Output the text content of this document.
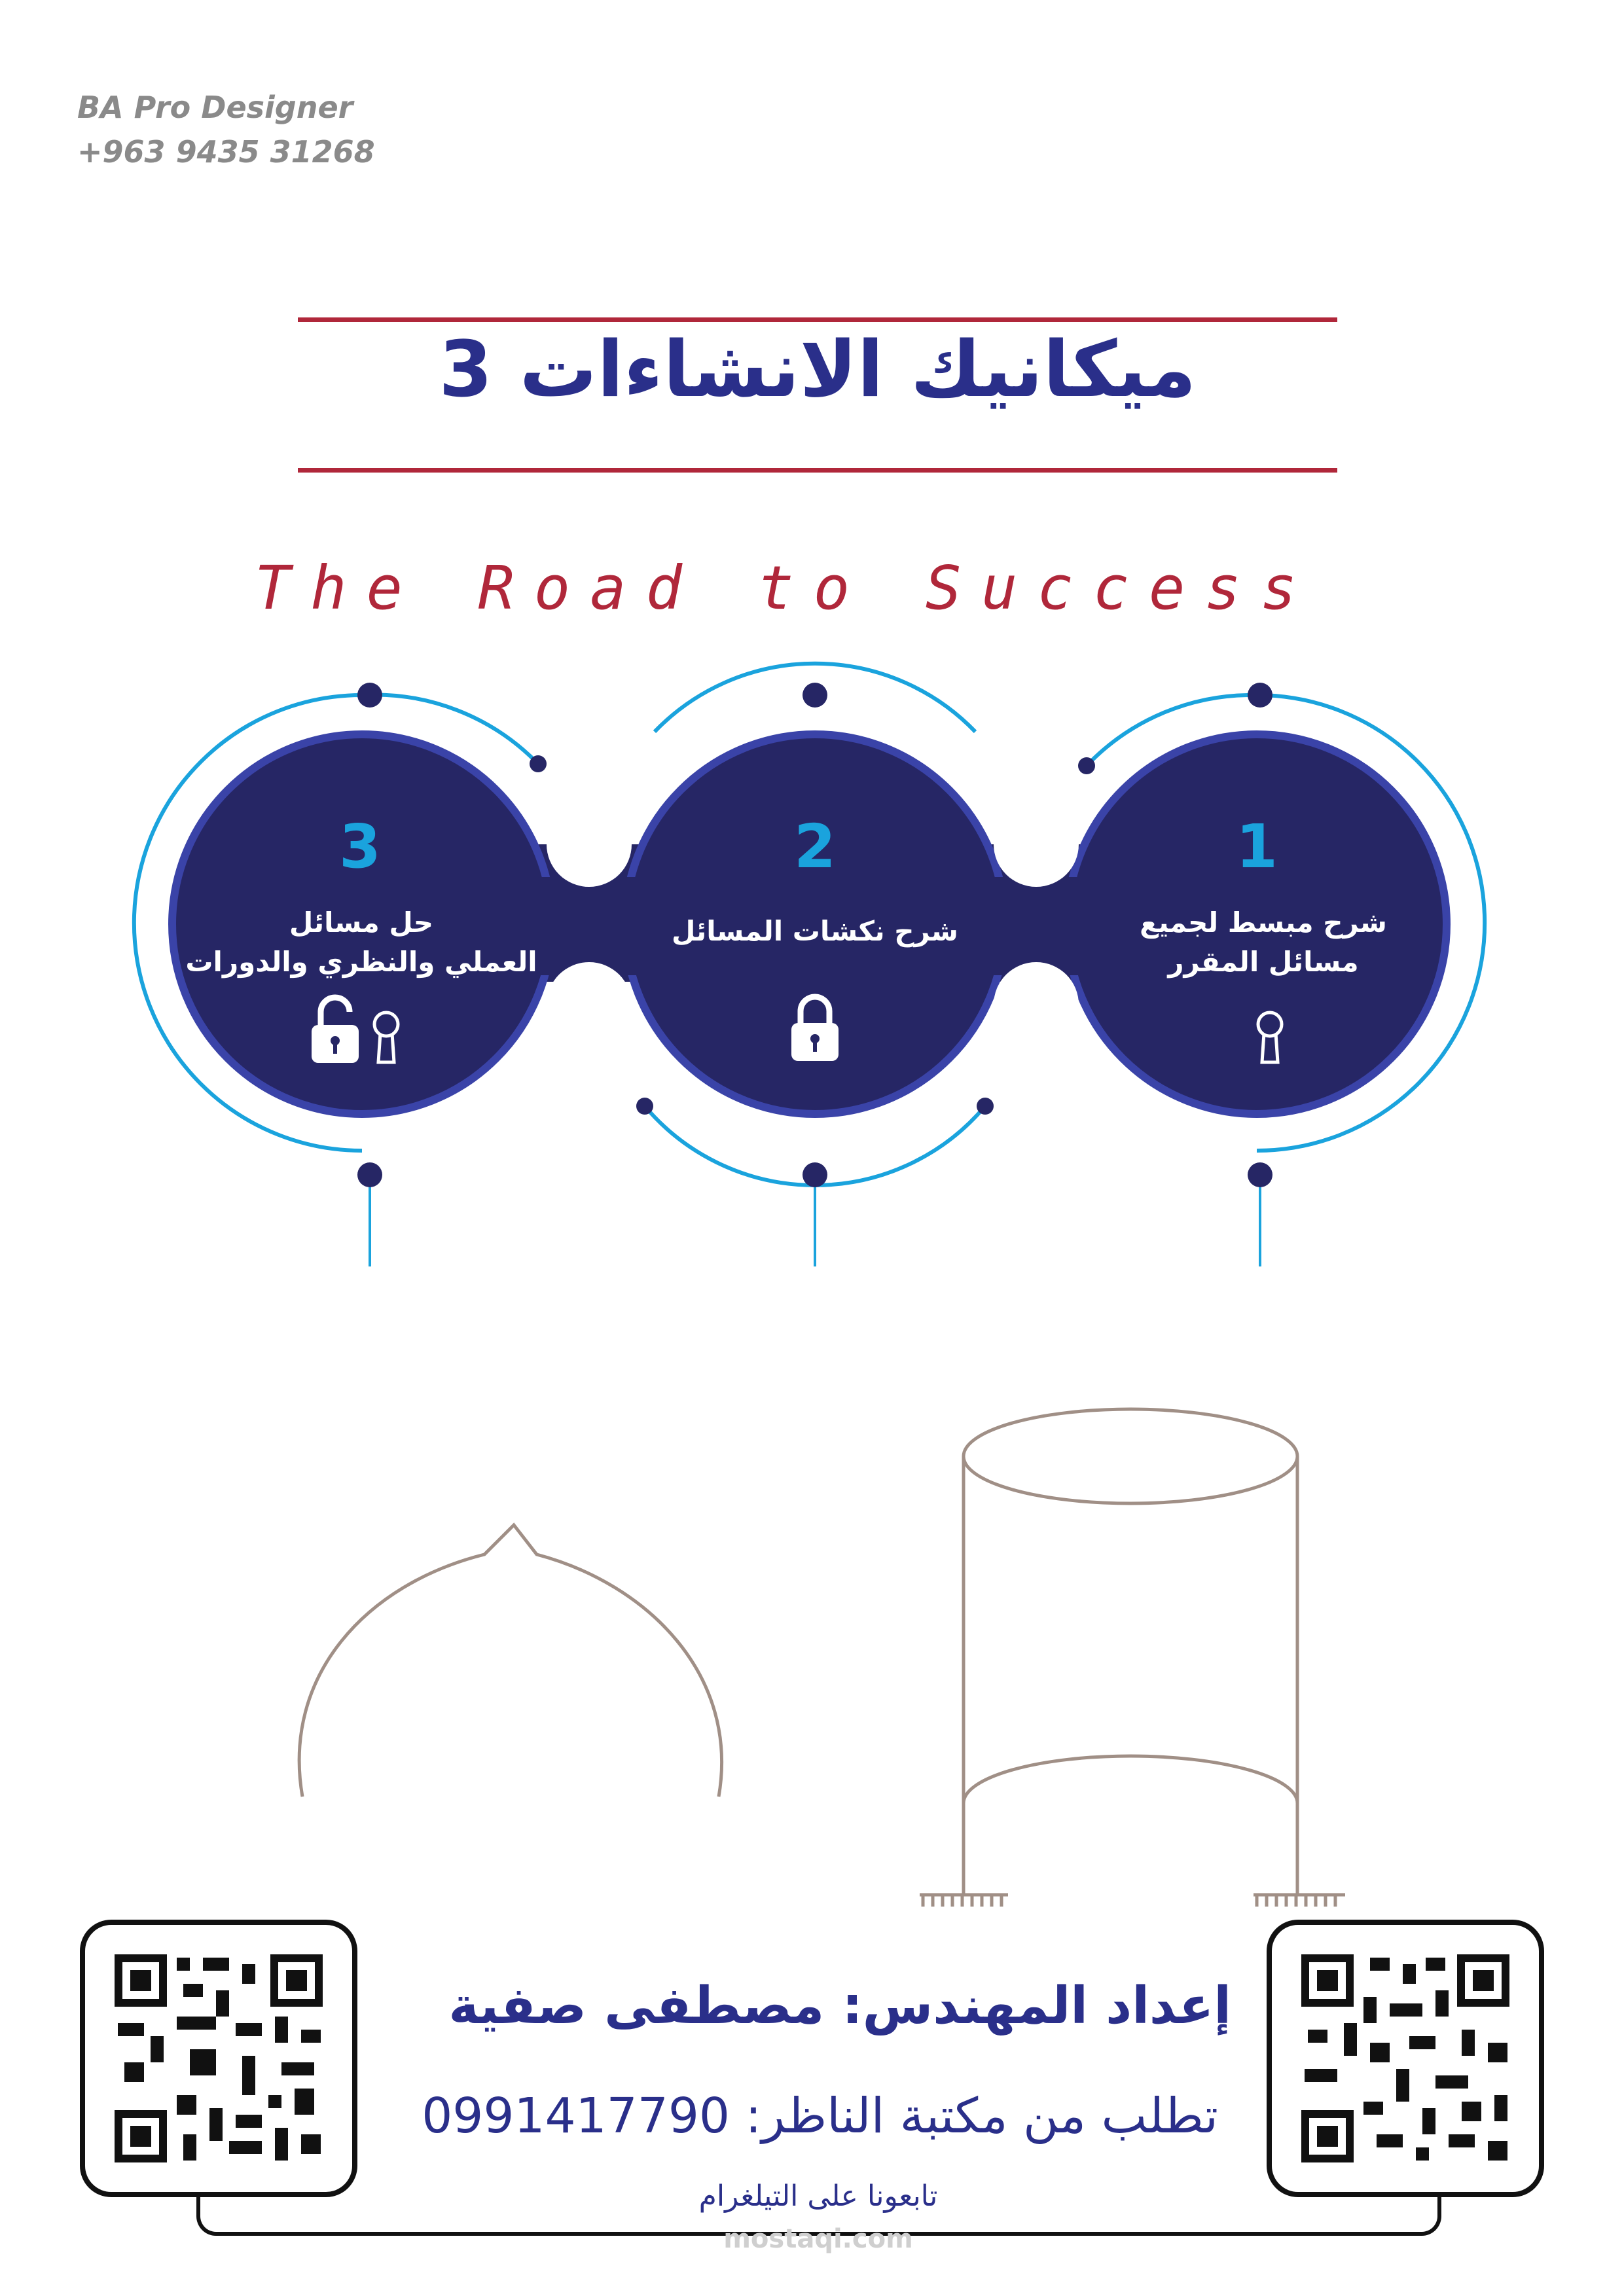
BA Pro Designer
+963 9435 31268
ميكانيك الانشاءات 3
The Road to Success
1
2
3
شرح مبسط لجميع
مسائل المقرر
شرح نكشات المسائل
حل مسائل
العملي والنظري والدورات
إعداد المهندس: مصطفى صفية
تطلب من مكتبة الناظر: 0991417790
تابعونا على التيلغرام
mostaqi.com
